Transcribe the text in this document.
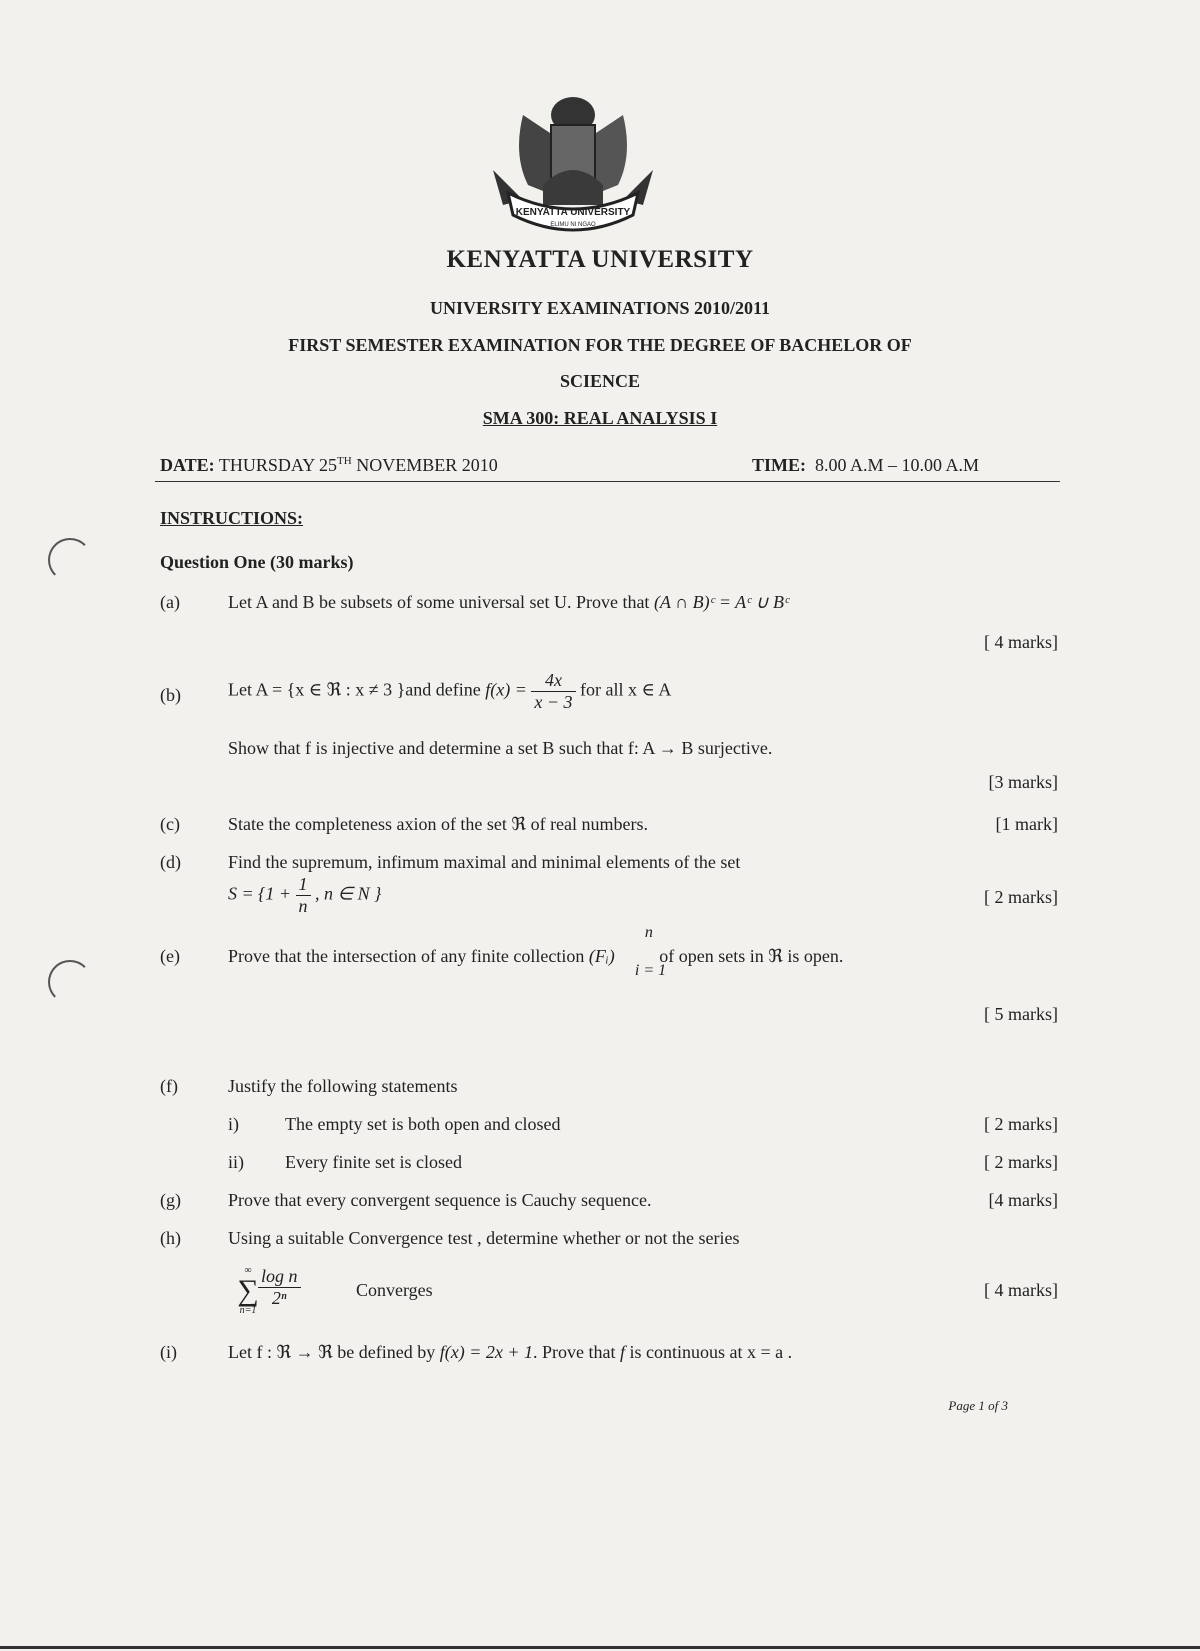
KENYATTA UNIVERSITY
ELIMU NI NGAO
KENYATTA UNIVERSITY
UNIVERSITY EXAMINATIONS 2010/2011
FIRST SEMESTER EXAMINATION FOR THE DEGREE OF BACHELOR OF
SCIENCE
SMA 300: REAL ANALYSIS I
DATE: THURSDAY 25TH NOVEMBER 2010	TIME: 8.00 A.M – 10.00 A.M
INSTRUCTIONS:
Question One (30 marks)
(a)	Let A and B be subsets of some universal set U. Prove that (A ∩ B)ᶜ = Aᶜ ∪ Bᶜ
[ 4 marks]
(b)	Let A = {x ∈ ℜ : x ≠ 3 }and define $f(x) = \frac{4x}{x - 3}$ for all x ∈ A
Show that f is injective and determine a set B such that f: A → B surjective.
[3 marks]
(c)	State the completeness axion of the set ℜ of real numbers.	[1 mark]
(d)	Find the supremum, infimum maximal and minimal elements of the set
$S = \{1 + \frac{1}{n}$ , n ∈ N }	[ 2 marks]
(e)	Prove that the intersection of any finite collection (Fᵢ)
n
i = 1
of open sets in ℜ is open.
[ 5 marks]
(f)	Justify the following statements
i)	The empty set is both open and closed	[ 2 marks]
ii) Every finite set is closed	[ 2 marks]
(g)	Prove that every convergent sequence is Cauchy sequence.	[4 marks]
(h)	Using a suitable Convergence test , determine whether or not the series
∞
∑
n=1
$\frac{\text{log n}}{\text{2ⁿ}}$	Converges	[ 4 marks]
(i)	Let f : ℜ → ℜ be defined by f(x) = 2x + 1. Prove that f is continuous at x = a .
Page 1 of 3
